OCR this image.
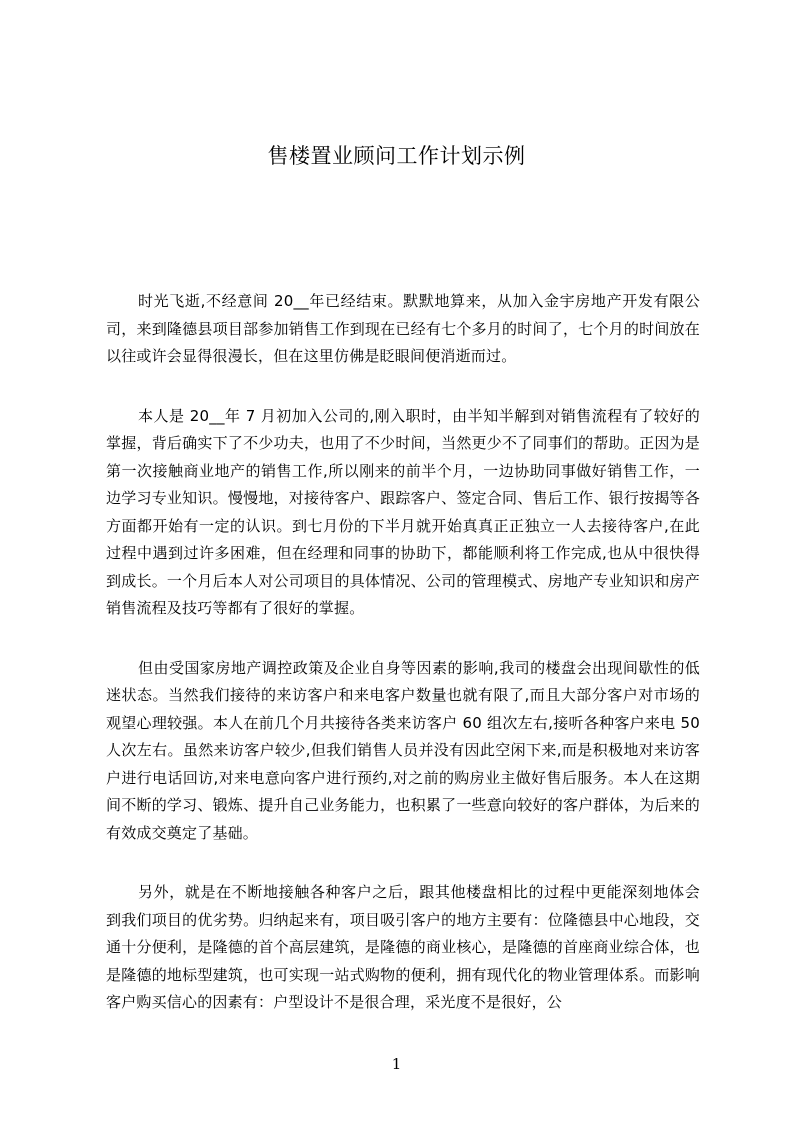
售楼置业顾问工作计划示例

时光飞逝,不经意间 20__年已经结束。默默地算来，从加入金宇房地产开发有限公司，来到隆德县项目部参加销售工作到现在已经有七个多月的时间了，七个月的时间放在以往或许会显得很漫长，但在这里仿佛是眨眼间便消逝而过。

本人是 20__年 7 月初加入公司的,刚入职时，由半知半解到对销售流程有了较好的掌握，背后确实下了不少功夫，也用了不少时间，当然更少不了同事们的帮助。正因为是第一次接触商业地产的销售工作,所以刚来的前半个月，一边协助同事做好销售工作，一边学习专业知识。慢慢地，对接待客户、跟踪客户、签定合同、售后工作、银行按揭等各方面都开始有一定的认识。到七月份的下半月就开始真真正正独立一人去接待客户,在此过程中遇到过许多困难，但在经理和同事的协助下，都能顺利将工作完成,也从中很快得到成长。一个月后本人对公司项目的具体情况、公司的管理模式、房地产专业知识和房产销售流程及技巧等都有了很好的掌握。

但由受国家房地产调控政策及企业自身等因素的影响,我司的楼盘会出现间歇性的低迷状态。当然我们接待的来访客户和来电客户数量也就有限了,而且大部分客户对市场的观望心理较强。本人在前几个月共接待各类来访客户 60 组次左右,接听各种客户来电 50 人次左右。虽然来访客户较少,但我们销售人员并没有因此空闲下来,而是积极地对来访客户进行电话回访,对来电意向客户进行预约,对之前的购房业主做好售后服务。本人在这期间不断的学习、锻炼、提升自己业务能力，也积累了一些意向较好的客户群体，为后来的有效成交奠定了基础。

另外，就是在不断地接触各种客户之后，跟其他楼盘相比的过程中更能深刻地体会到我们项目的优劣势。归纳起来有，项目吸引客户的地方主要有：位隆德县中心地段，交通十分便利，是隆德的首个高层建筑，是隆德的商业核心，是隆德的首座商业综合体，也是隆德的地标型建筑，也可实现一站式购物的便利，拥有现代化的物业管理体系。而影响客户购买信心的因素有：户型设计不是很合理，采光度不是很好，公

1
